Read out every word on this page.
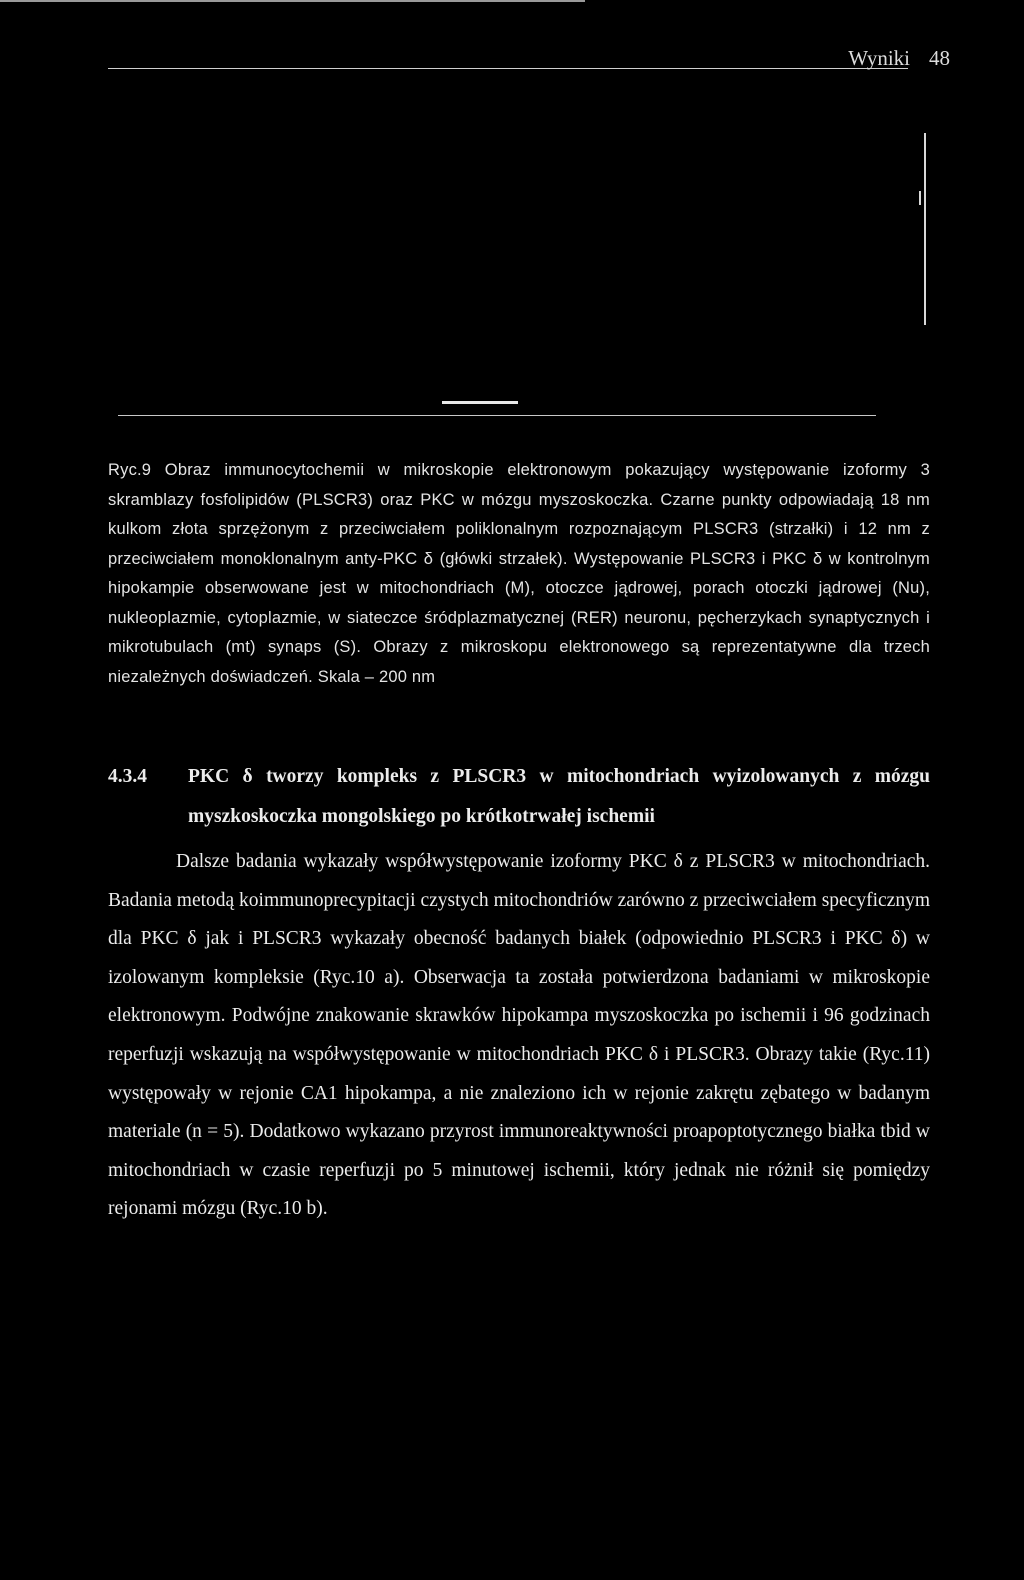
Wyniki 48

Ryc.9 Obraz immunocytochemii w mikroskopie elektronowym pokazujący występowanie izoformy 3 skramblazy fosfolipidów (PLSCR3) oraz PKC w mózgu myszoskoczka. Czarne punkty odpowiadają 18 nm kulkom złota sprzężonym z przeciwciałem poliklonalnym rozpoznającym PLSCR3 (strzałki) i 12 nm z przeciwciałem monoklonalnym anty-PKC δ (główki strzałek). Występowanie PLSCR3 i PKC δ w kontrolnym hipokampie obserwowane jest w mitochondriach (M), otoczce jądrowej, porach otoczki jądrowej (Nu), nukleoplazmie, cytoplazmie, w siateczce śródplazmatycznej (RER) neuronu, pęcherzykach synaptycznych i mikrotubulach (mt) synaps (S). Obrazy z mikroskopu elektronowego są reprezentatywne dla trzech niezależnych doświadczeń. Skala – 200 nm

4.3.4 PKC δ tworzy kompleks z PLSCR3 w mitochondriach wyizolowanych z mózgu myszkoskoczka mongolskiego po krótkotrwałej ischemii

Dalsze badania wykazały współwystępowanie izoformy PKC δ z PLSCR3 w mitochondriach. Badania metodą koimmunoprecypitacji czystych mitochondriów zarówno z przeciwciałem specyficznym dla PKC δ jak i PLSCR3 wykazały obecność badanych białek (odpowiednio PLSCR3 i PKC δ) w izolowanym kompleksie (Ryc.10 a). Obserwacja ta została potwierdzona badaniami w mikroskopie elektronowym. Podwójne znakowanie skrawków hipokampa myszoskoczka po ischemii i 96 godzinach reperfuzji wskazują na współwystępowanie w mitochondriach PKC δ i PLSCR3. Obrazy takie (Ryc.11) występowały w rejonie CA1 hipokampa, a nie znaleziono ich w rejonie zakrętu zębatego w badanym materiale (n = 5). Dodatkowo wykazano przyrost immunoreaktywności proapoptotycznego białka tbid w mitochondriach w czasie reperfuzji po 5 minutowej ischemii, który jednak nie różnił się pomiędzy rejonami mózgu (Ryc.10 b).
